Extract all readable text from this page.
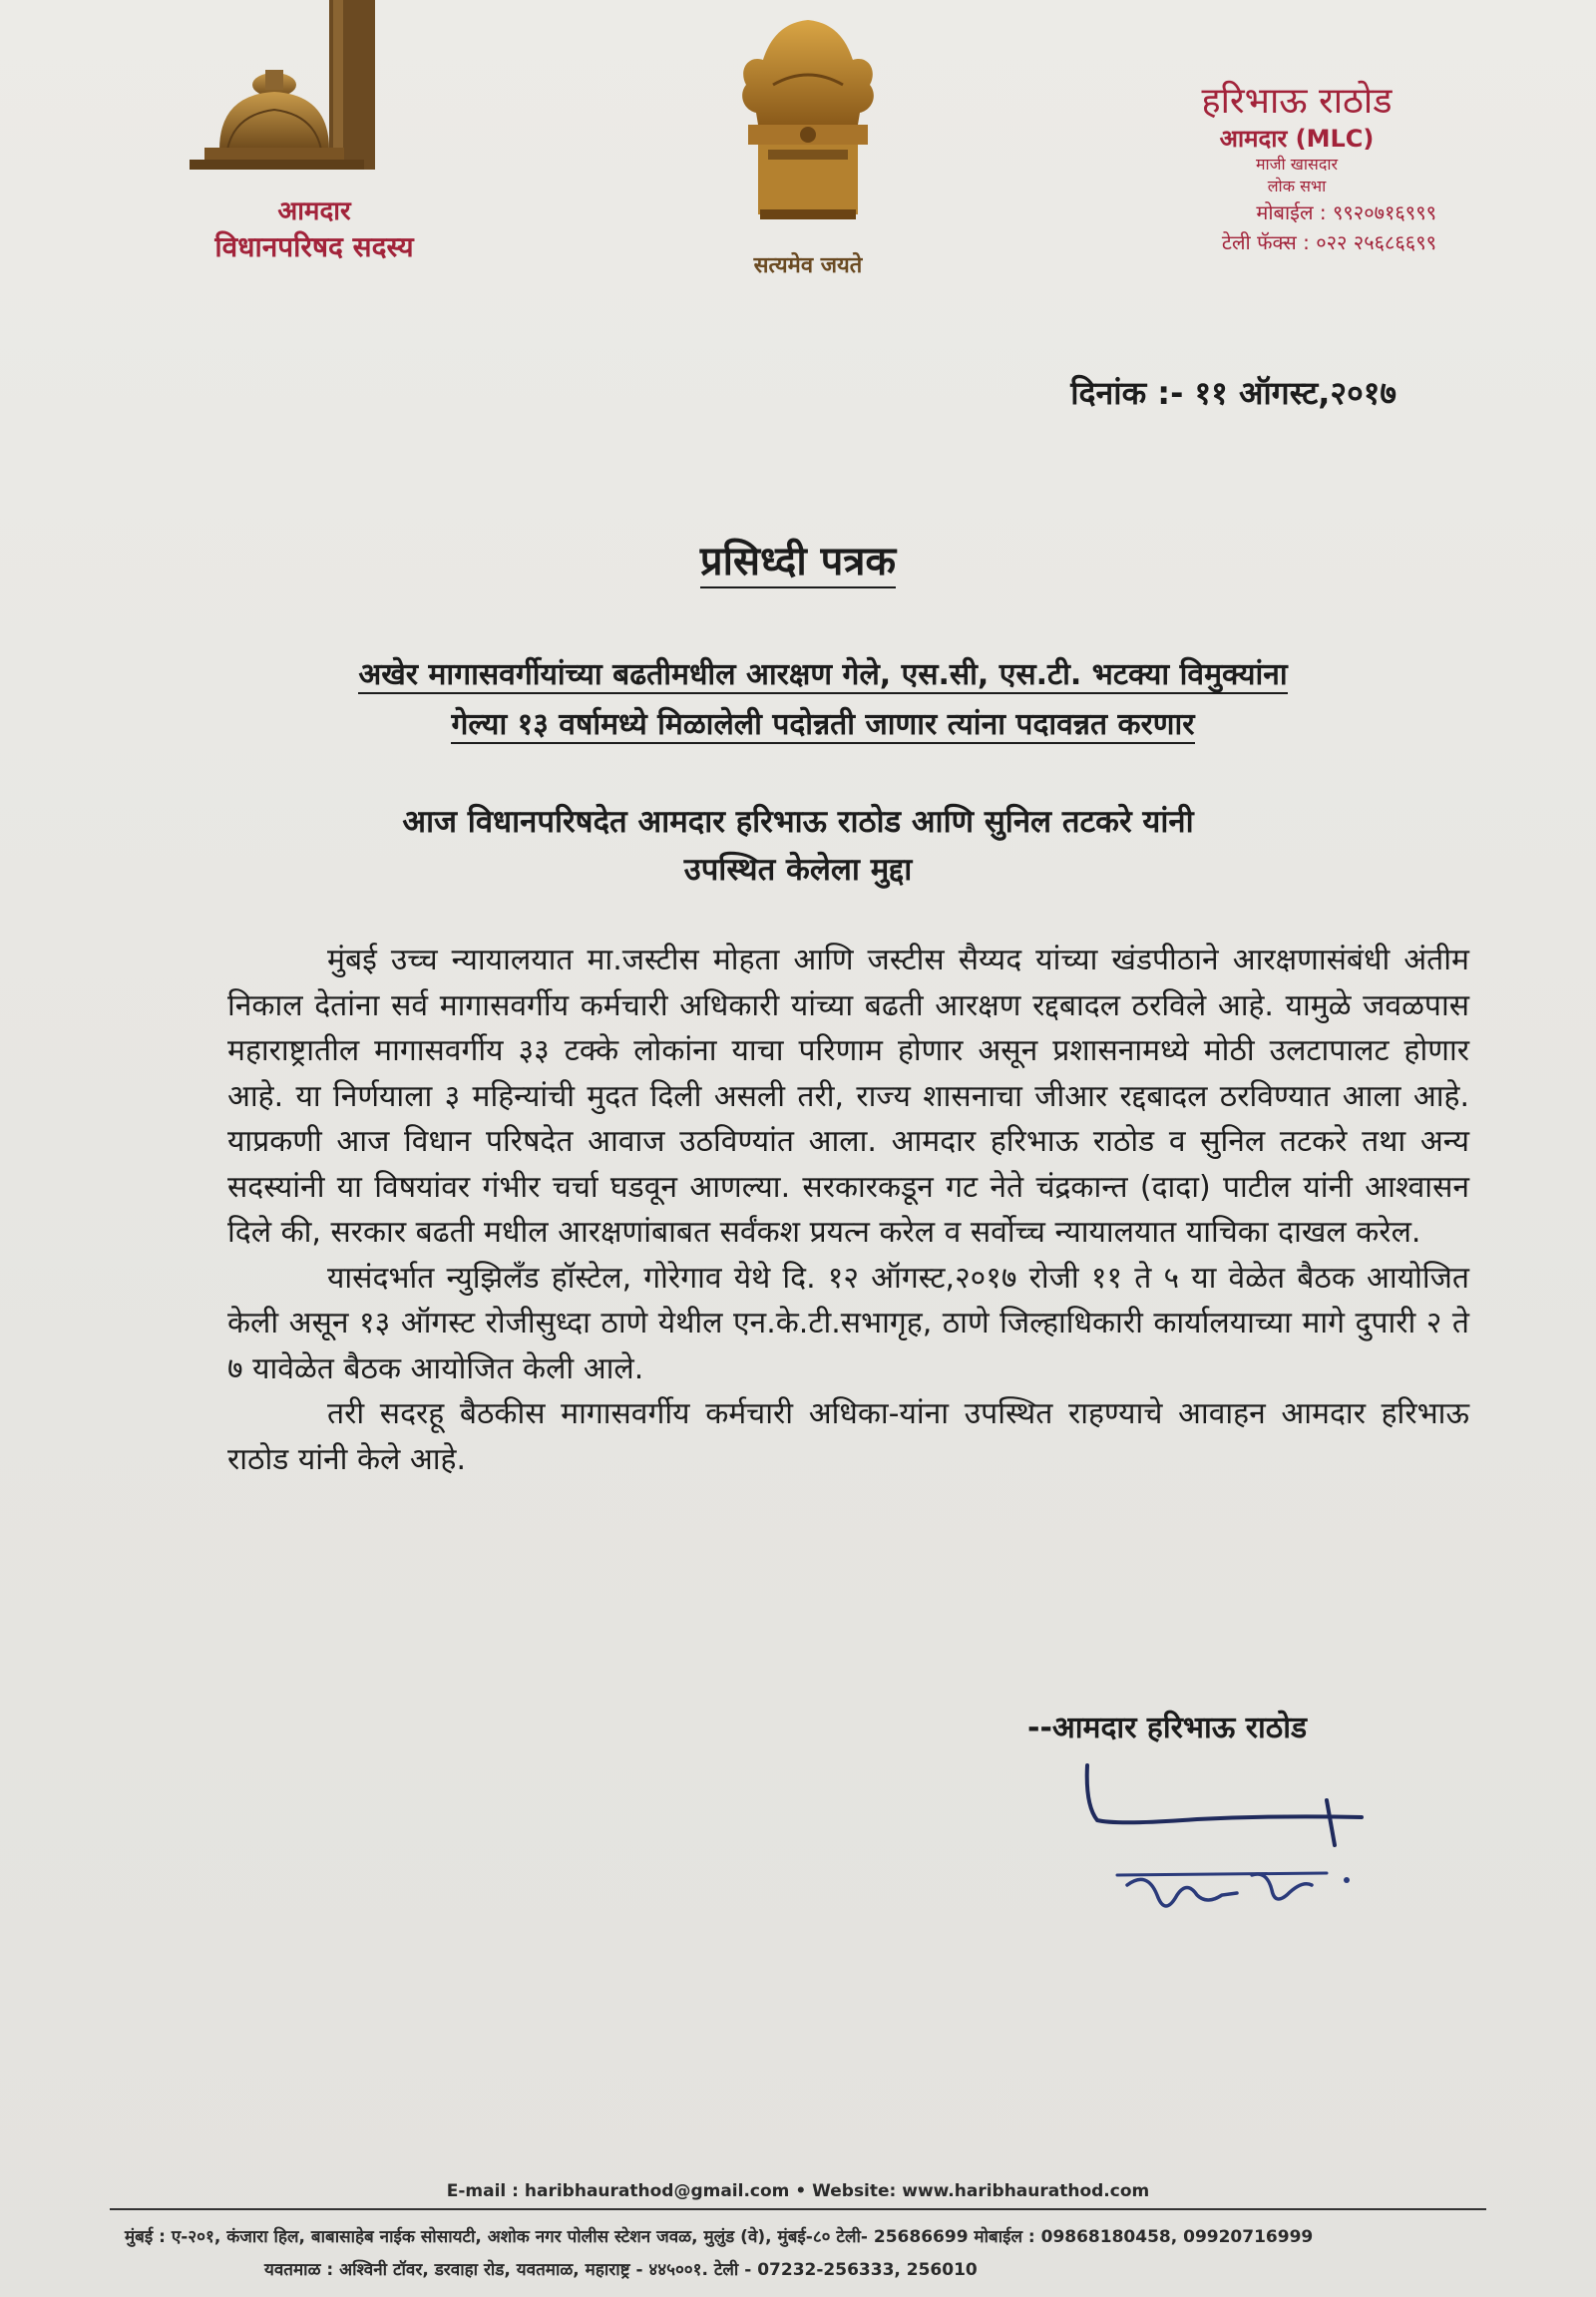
आमदार
विधानपरिषद सदस्य
सत्यमेव जयते
हरिभाऊ राठोड
आमदार (MLC)
माजी खासदार
लोक सभा
मोबाईल : ९९२०७१६९९९
टेली फॅक्स : ०२२ २५६८६६९९
दिनांक :- ११ ऑगस्ट,२०१७
प्रसिध्दी पत्रक
अखेर मागासवर्गीयांच्या बढतीमधील आरक्षण गेले, एस.सी, एस.टी. भटक्या विमुक्यांना
गेल्या १३ वर्षामध्ये मिळालेली पदोन्नती जाणार त्यांना पदावन्नत करणार
आज विधानपरिषदेत आमदार हरिभाऊ राठोड आणि सुनिल तटकरे यांनी
उपस्थित केलेला मुद्दा

मुंबई उच्च न्यायालयात मा.जस्टीस मोहता आणि जस्टीस सैय्यद यांच्या खंडपीठाने आरक्षणासंबंधी अंतीम निकाल देतांना सर्व मागासवर्गीय कर्मचारी अधिकारी यांच्या बढती आरक्षण रद्दबादल ठरविले आहे. यामुळे जवळपास महाराष्ट्रातील मागासवर्गीय ३३ टक्के लोकांना याचा परिणाम होणार असून प्रशासनामध्ये मोठी उलटापालट होणार आहे. या निर्णयाला ३ महिन्यांची मुदत दिली असली तरी, राज्य शासनाचा जीआर रद्दबादल ठरविण्यात आला आहे. याप्रकणी आज विधान परिषदेत आवाज उठविण्यांत आला. आमदार हरिभाऊ राठोड व सुनिल तटकरे तथा अन्य सदस्यांनी या विषयांवर गंभीर चर्चा घडवून आणल्या. सरकारकडून गट नेते चंद्रकान्त (दादा) पाटील यांनी आश्वासन दिले की, सरकार बढती मधील आरक्षणांबाबत सर्वंकश प्रयत्न करेल व सर्वोच्च न्यायालयात याचिका दाखल करेल.

यासंदर्भात न्युझिलँड हॉस्टेल, गोरेगाव येथे दि. १२ ऑगस्ट,२०१७ रोजी ११ ते ५ या वेळेत बैठक आयोजित केली असून १३ ऑगस्ट रोजीसुध्दा ठाणे येथील एन.के.टी.सभागृह, ठाणे जिल्हाधिकारी कार्यालयाच्या मागे दुपारी २ ते ७ यावेळेत बैठक आयोजित केली आले.

तरी सदरहू बैठकीस मागासवर्गीय कर्मचारी अधिका-यांना उपस्थित राहण्याचे आवाहन आमदार हरिभाऊ राठोड यांनी केले आहे.

--आमदार हरिभाऊ राठोड
E-mail : haribhaurathod@gmail.com • Website: www.haribhaurathod.com
मुंबई : ए-२०१, कंजारा हिल, बाबासाहेब नाईक सोसायटी, अशोक नगर पोलीस स्टेशन जवळ, मुलुंड (वे), मुंबई-८० टेली- 25686699 मोबाईल : 09868180458, 09920716999
यवतमाळ : अश्विनी टॉवर, डरवाहा रोड, यवतमाळ, महाराष्ट्र - ४४५००१. टेली - 07232-256333, 256010
